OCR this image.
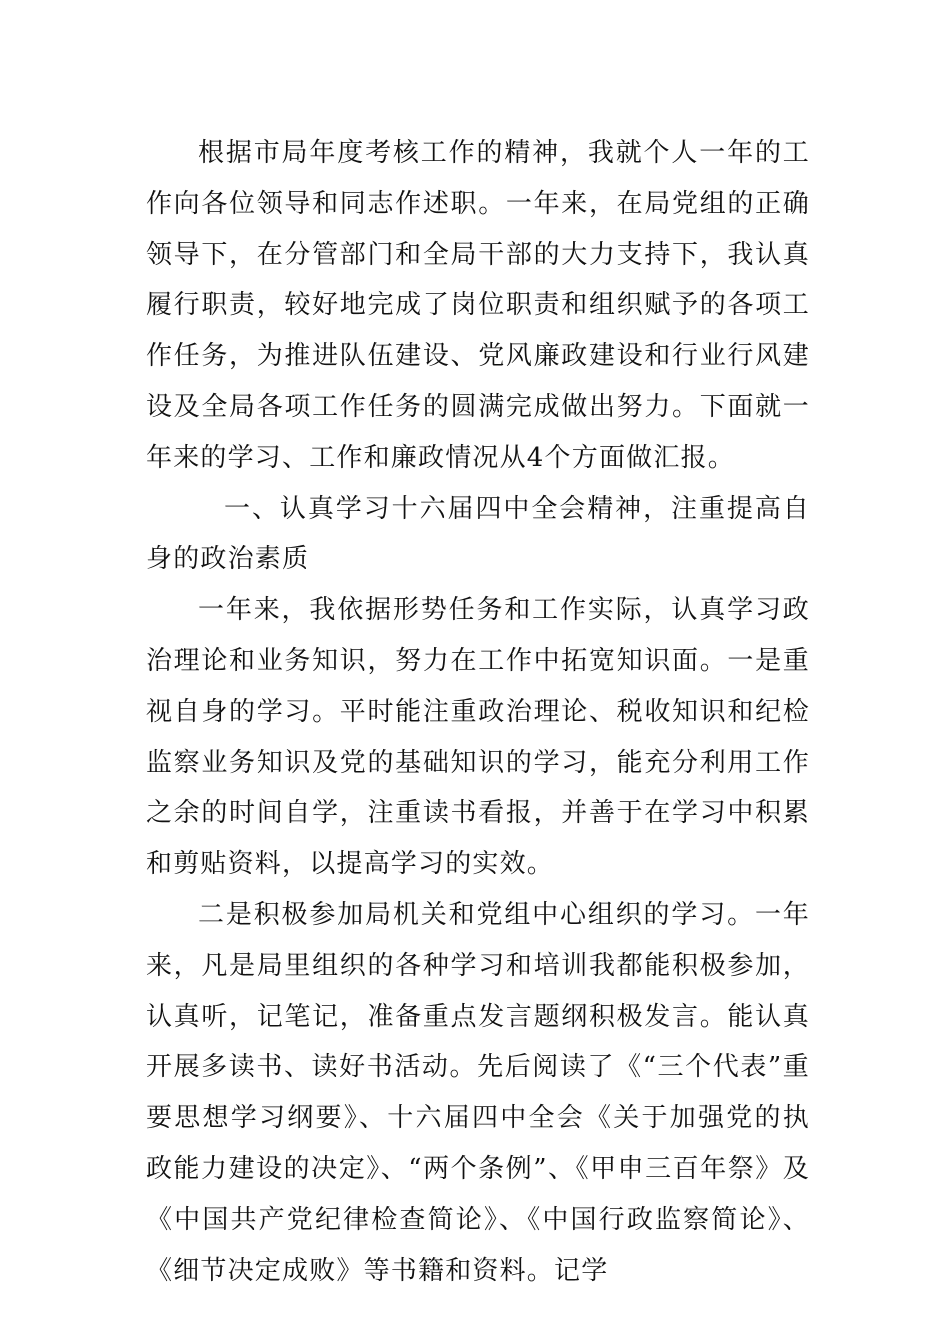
根据市局年度考核工作的精神，我就个人一年的工作向各位领导和同志作述职。一年来，在局党组的正确领导下，在分管部门和全局干部的大力支持下，我认真履行职责，较好地完成了岗位职责和组织赋予的各项工作任务，为推进队伍建设、党风廉政建设和行业行风建设及全局各项工作任务的圆满完成做出努力。下面就一年来的学习、工作和廉政情况从4个方面做汇报。

一、认真学习十六届四中全会精神，注重提高自身的政治素质

一年来，我依据形势任务和工作实际，认真学习政治理论和业务知识，努力在工作中拓宽知识面。一是重视自身的学习。平时能注重政治理论、税收知识和纪检监察业务知识及党的基础知识的学习，能充分利用工作之余的时间自学，注重读书看报，并善于在学习中积累和剪贴资料，以提高学习的实效。

二是积极参加局机关和党组中心组织的学习。一年来，凡是局里组织的各种学习和培训我都能积极参加，认真听，记笔记，准备重点发言题纲积极发言。能认真开展多读书、读好书活动。先后阅读了《“三个代表”重要思想学习纲要》、十六届四中全会《关于加强党的执政能力建设的决定》、“两个条例”、《甲申三百年祭》及《中国共产党纪律检查简论》、《中国行政监察简论》、《细节决定成败》等书籍和资料。记学
